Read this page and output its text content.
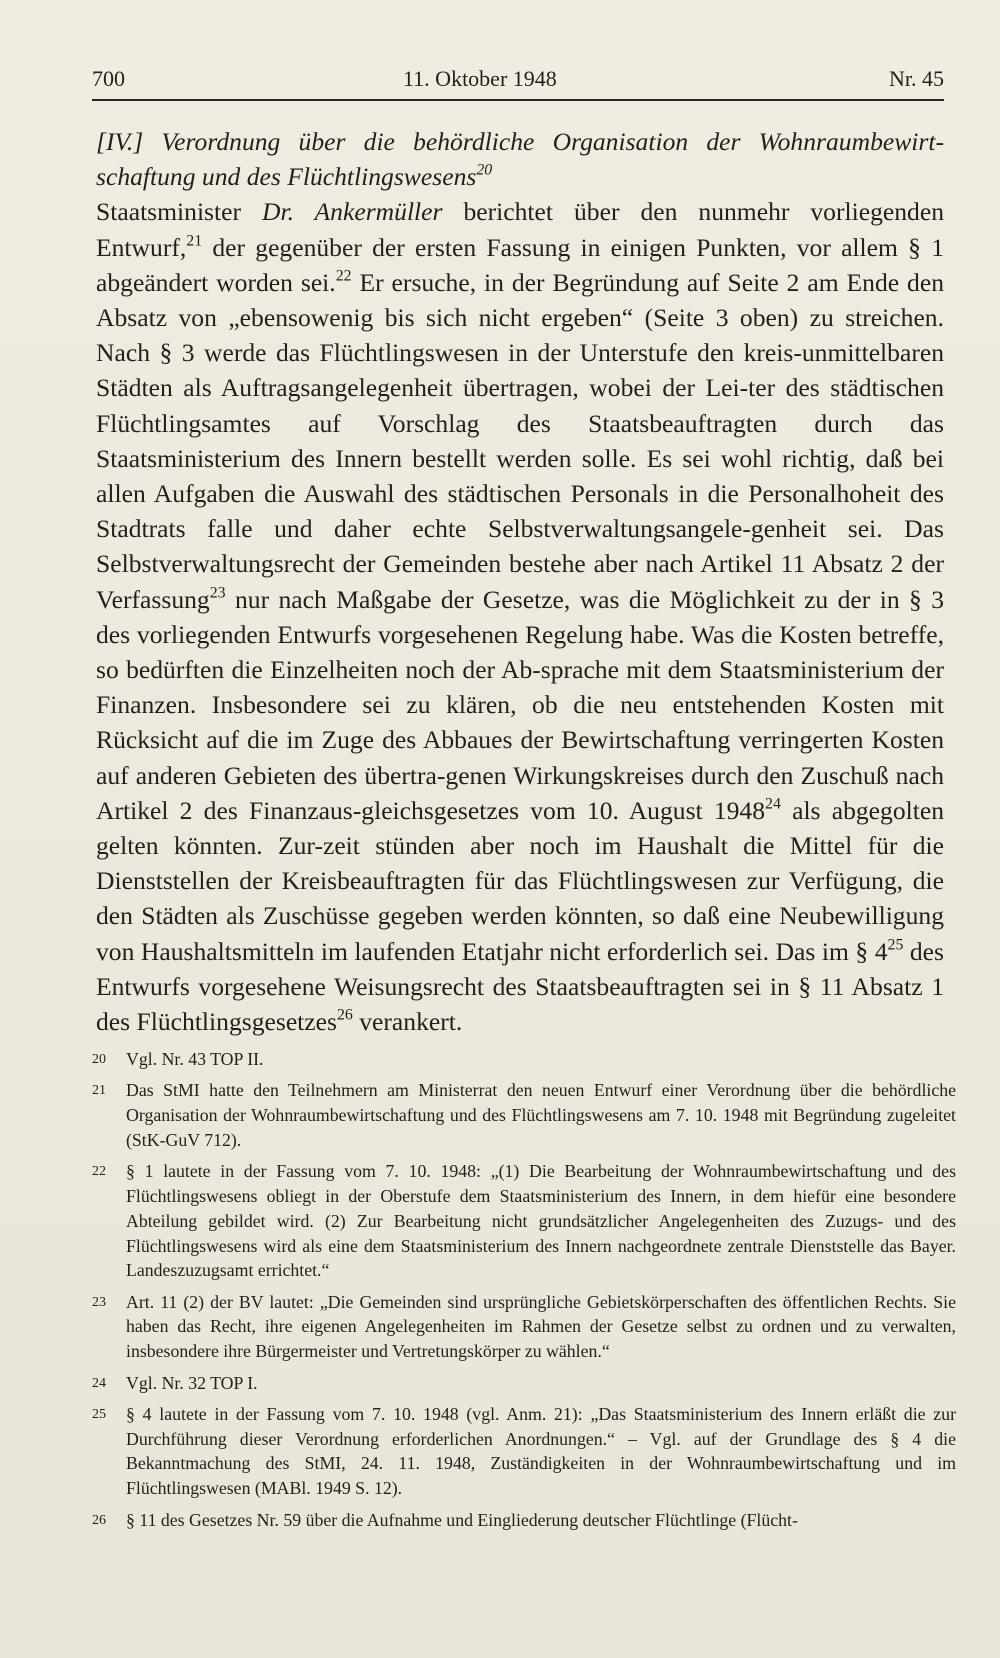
700	11. Oktober 1948	Nr. 45

[IV.] Verordnung über die behördliche Organisation der Wohnraumbewirt-schaftung und des Flüchtlingswesens$^{20}$

Staatsminister Dr. Ankermüller berichtet über den nunmehr vorliegenden Entwurf,$^{21}$ der gegenüber der ersten Fassung in einigen Punkten, vor allem § 1 abgeändert worden sei.$^{22}$ Er ersuche, in der Begründung auf Seite 2 am Ende den Absatz von „ebensowenig bis sich nicht ergeben“ (Seite 3 oben) zu streichen. Nach § 3 werde das Flüchtlingswesen in der Unterstufe den kreis-unmittelbaren Städten als Auftragsangelegenheit übertragen, wobei der Lei-ter des städtischen Flüchtlingsamtes auf Vorschlag des Staatsbeauftragten durch das Staatsministerium des Innern bestellt werden solle. Es sei wohl richtig, daß bei allen Aufgaben die Auswahl des städtischen Personals in die Personalhoheit des Stadtrats falle und daher echte Selbstverwaltungsangele-genheit sei. Das Selbstverwaltungsrecht der Gemeinden bestehe aber nach Artikel 11 Absatz 2 der Verfassung$^{23}$ nur nach Maßgabe der Gesetze, was die Möglichkeit zu der in § 3 des vorliegenden Entwurfs vorgesehenen Regelung habe. Was die Kosten betreffe, so bedürften die Einzelheiten noch der Ab-sprache mit dem Staatsministerium der Finanzen. Insbesondere sei zu klären, ob die neu entstehenden Kosten mit Rücksicht auf die im Zuge des Abbaues der Bewirtschaftung verringerten Kosten auf anderen Gebieten des übertra-genen Wirkungskreises durch den Zuschuß nach Artikel 2 des Finanzaus-gleichsgesetzes vom 10. August 1948$^{24}$ als abgegolten gelten könnten. Zur-zeit stünden aber noch im Haushalt die Mittel für die Dienststellen der Kreisbeauftragten für das Flüchtlingswesen zur Verfügung, die den Städten als Zuschüsse gegeben werden könnten, so daß eine Neubewilligung von Haushaltsmitteln im laufenden Etatjahr nicht erforderlich sei. Das im § $4^{25}$ des Entwurfs vorgesehene Weisungsrecht des Staatsbeauftragten sei in § 11 Absatz 1 des Flüchtlingsgesetzes$^{26}$ verankert.

20 Vgl. Nr. 43 TOP II.
21 Das StMI hatte den Teilnehmern am Ministerrat den neuen Entwurf einer Verordnung über die behördliche Organisation der Wohnraumbewirtschaftung und des Flüchtlingswesens am 7. 10. 1948 mit Begründung zugeleitet (StK-GuV 712).
22 § 1 lautete in der Fassung vom 7. 10. 1948: „(1) Die Bearbeitung der Wohnraumbewirtschaftung und des Flüchtlingswesens obliegt in der Oberstufe dem Staatsministerium des Innern, in dem hiefür eine besondere Abteilung gebildet wird. (2) Zur Bearbeitung nicht grundsätzlicher Angelegenheiten des Zuzugs- und des Flüchtlingswesens wird als eine dem Staatsministerium des Innern nachgeordnete zentrale Dienststelle das Bayer. Landeszuzugsamt errichtet.“
23 Art. 11 (2) der BV lautet: „Die Gemeinden sind ursprüngliche Gebietskörperschaften des öffentlichen Rechts. Sie haben das Recht, ihre eigenen Angelegenheiten im Rahmen der Gesetze selbst zu ordnen und zu verwalten, insbesondere ihre Bürgermeister und Vertretungskörper zu wählen.“
24 Vgl. Nr. 32 TOP I.
25 § 4 lautete in der Fassung vom 7. 10. 1948 (vgl. Anm. 21): „Das Staatsministerium des Innern erläßt die zur Durchführung dieser Verordnung erforderlichen Anordnungen.“ – Vgl. auf der Grundlage des § 4 die Bekanntmachung des StMI, 24. 11. 1948, Zuständigkeiten in der Wohnraumbewirtschaftung und im Flüchtlingswesen (MABl. 1949 S. 12).
26 § 11 des Gesetzes Nr. 59 über die Aufnahme und Eingliederung deutscher Flüchtlinge (Flücht-
